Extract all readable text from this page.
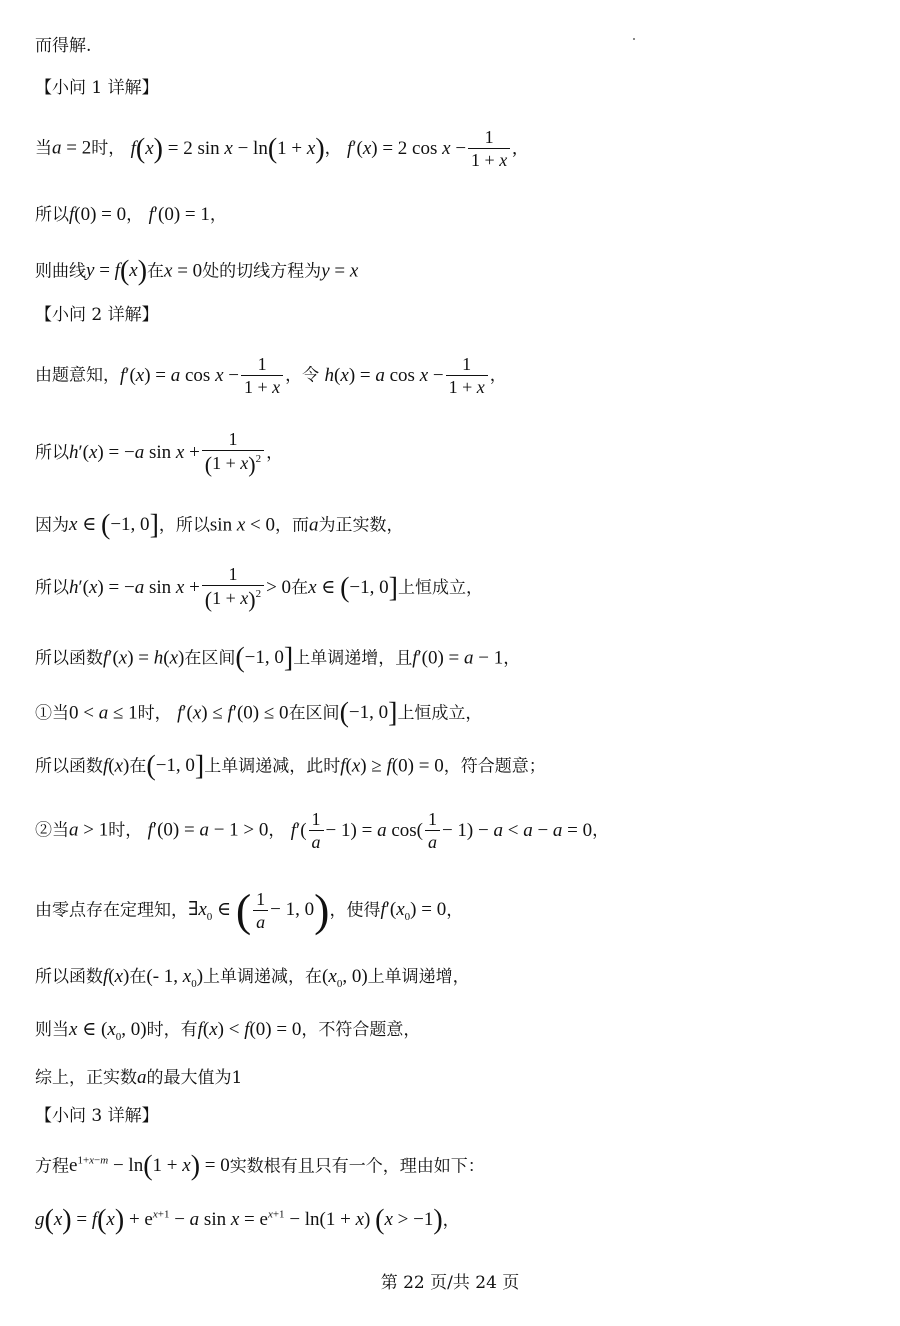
而得解.
【小问 1 详解】
当a = 2时， f(x) = 2 sin x − ln(1 + x)， f′(x) = 2 $\cos x - \frac{1}{1 + x}$ ,
所以f(0) = 0， f′(0) = 1，
则曲线y = f(x)在x = 0处的切线方程为y = x
【小问 2 详解】
由题意知，f′(x) = a $\cos x - \frac{1}{1 + x}$ ，令 h(x) = a $\cos x - \frac{1}{1 + x}$ ，
所以h′(x) = −a $\sin x + \frac{1}{(1 + x)^2}$ ，
因为x ∈ (−1, 0]，所以sin x < 0，而a为正实数，
所以h′(x) = −a $\sin x + \frac{1}{(1 + x)^2} > 0$在x ∈ (−1, 0]上恒成立，
所以函数f′(x) = h(x)在区间(−1, 0]上单调递增，且f′(0) = a − 1，
①当0 < a ≤ 1时， f′(x) ≤ f′(0) ≤ 0在区间(−1, 0]上恒成立，
所以函数f(x)在(−1, 0]上单调递减，此时f(x) ≥ f(0) = 0，符合题意；
②当a > 1时， f′(0) = a − 1 > 0， $f'( \frac{1}{a} - 1) = a$ $\cos( \frac{1}{a} - 1) - a < a - a = 0$，
由零点存在定理知，$\exists x_0$ ∈ ( $\frac{1}{a} - 1$, 0)，使得$f'(x_0) = 0$，
所以函数f(x)在(- 1, $x_0$)上单调递减，在($x_0$, 0)上单调递增，
则当x ∈ ($x_0$, 0)时，有f(x) < f(0) = 0，不符合题意，
综上，正实数a的最大值为1
【小问 3 详解】
方程$e^{1+x-m} - \ln(1 + x) = 0$实数根有且只有一个，理由如下：
$g(x) = f(x) + e^{x+1} - a$ $\sin x = e^{x+1} - \ln(1 + x) (x > -1)$，
第 22 页/共 24 页
